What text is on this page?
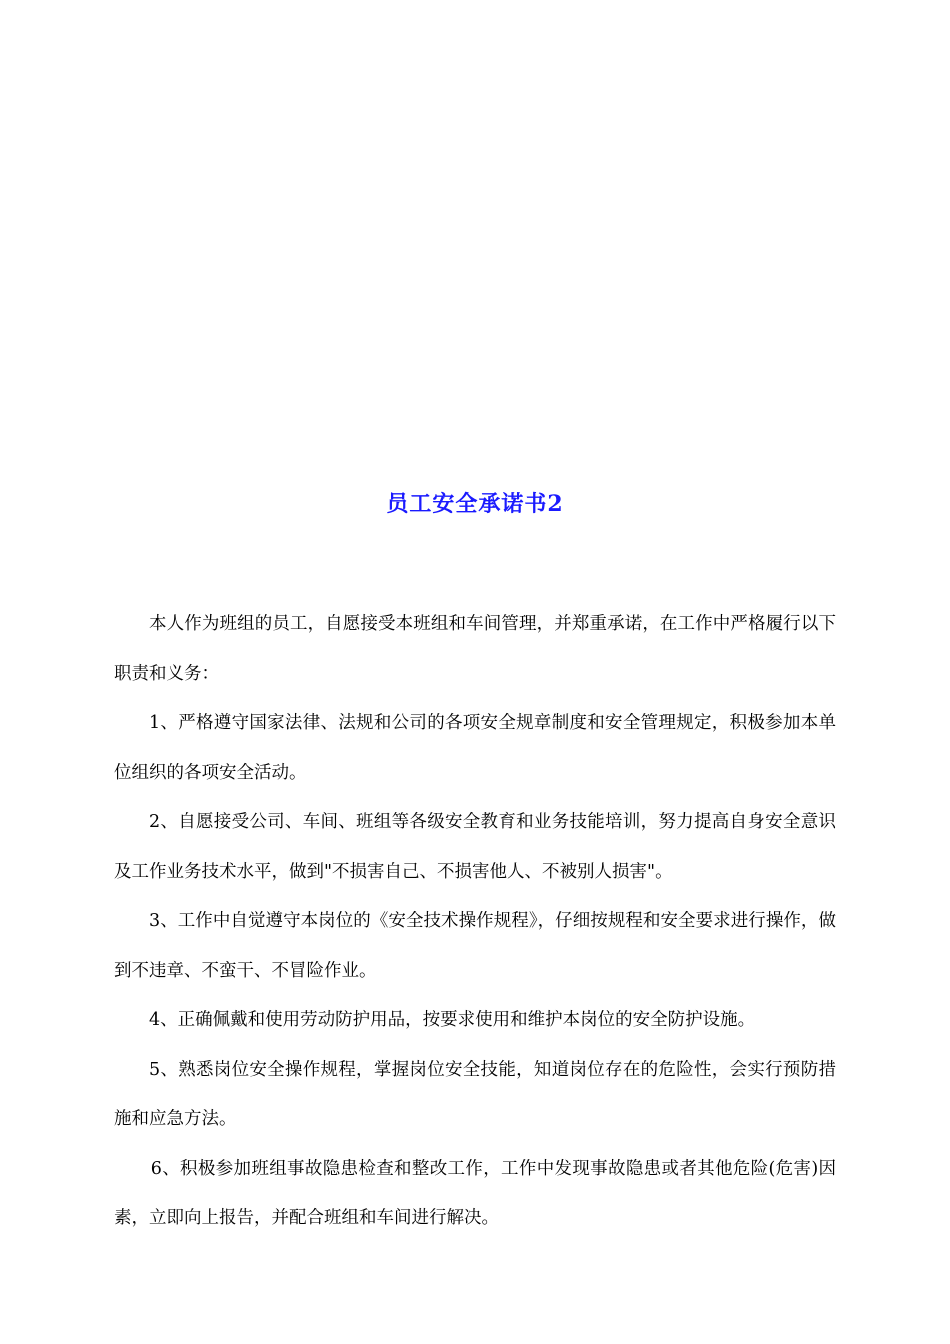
员工安全承诺书2

本人作为班组的员工，自愿接受本班组和车间管理，并郑重承诺，在工作中严格履行以下职责和义务：

1、严格遵守国家法律、法规和公司的各项安全规章制度和安全管理规定，积极参加本单位组织的各项安全活动。

2、自愿接受公司、车间、班组等各级安全教育和业务技能培训，努力提高自身安全意识及工作业务技术水平，做到"不损害自己、不损害他人、不被别人损害"。

3、工作中自觉遵守本岗位的《安全技术操作规程》，仔细按规程和安全要求进行操作，做到不违章、不蛮干、不冒险作业。

4、正确佩戴和使用劳动防护用品，按要求使用和维护本岗位的安全防护设施。

5、熟悉岗位安全操作规程，掌握岗位安全技能，知道岗位存在的危险性，会实行预防措施和应急方法。

6、积极参加班组事故隐患检查和整改工作，工作中发现事故隐患或者其他危险(危害)因素，立即向上报告，并配合班组和车间进行解决。
